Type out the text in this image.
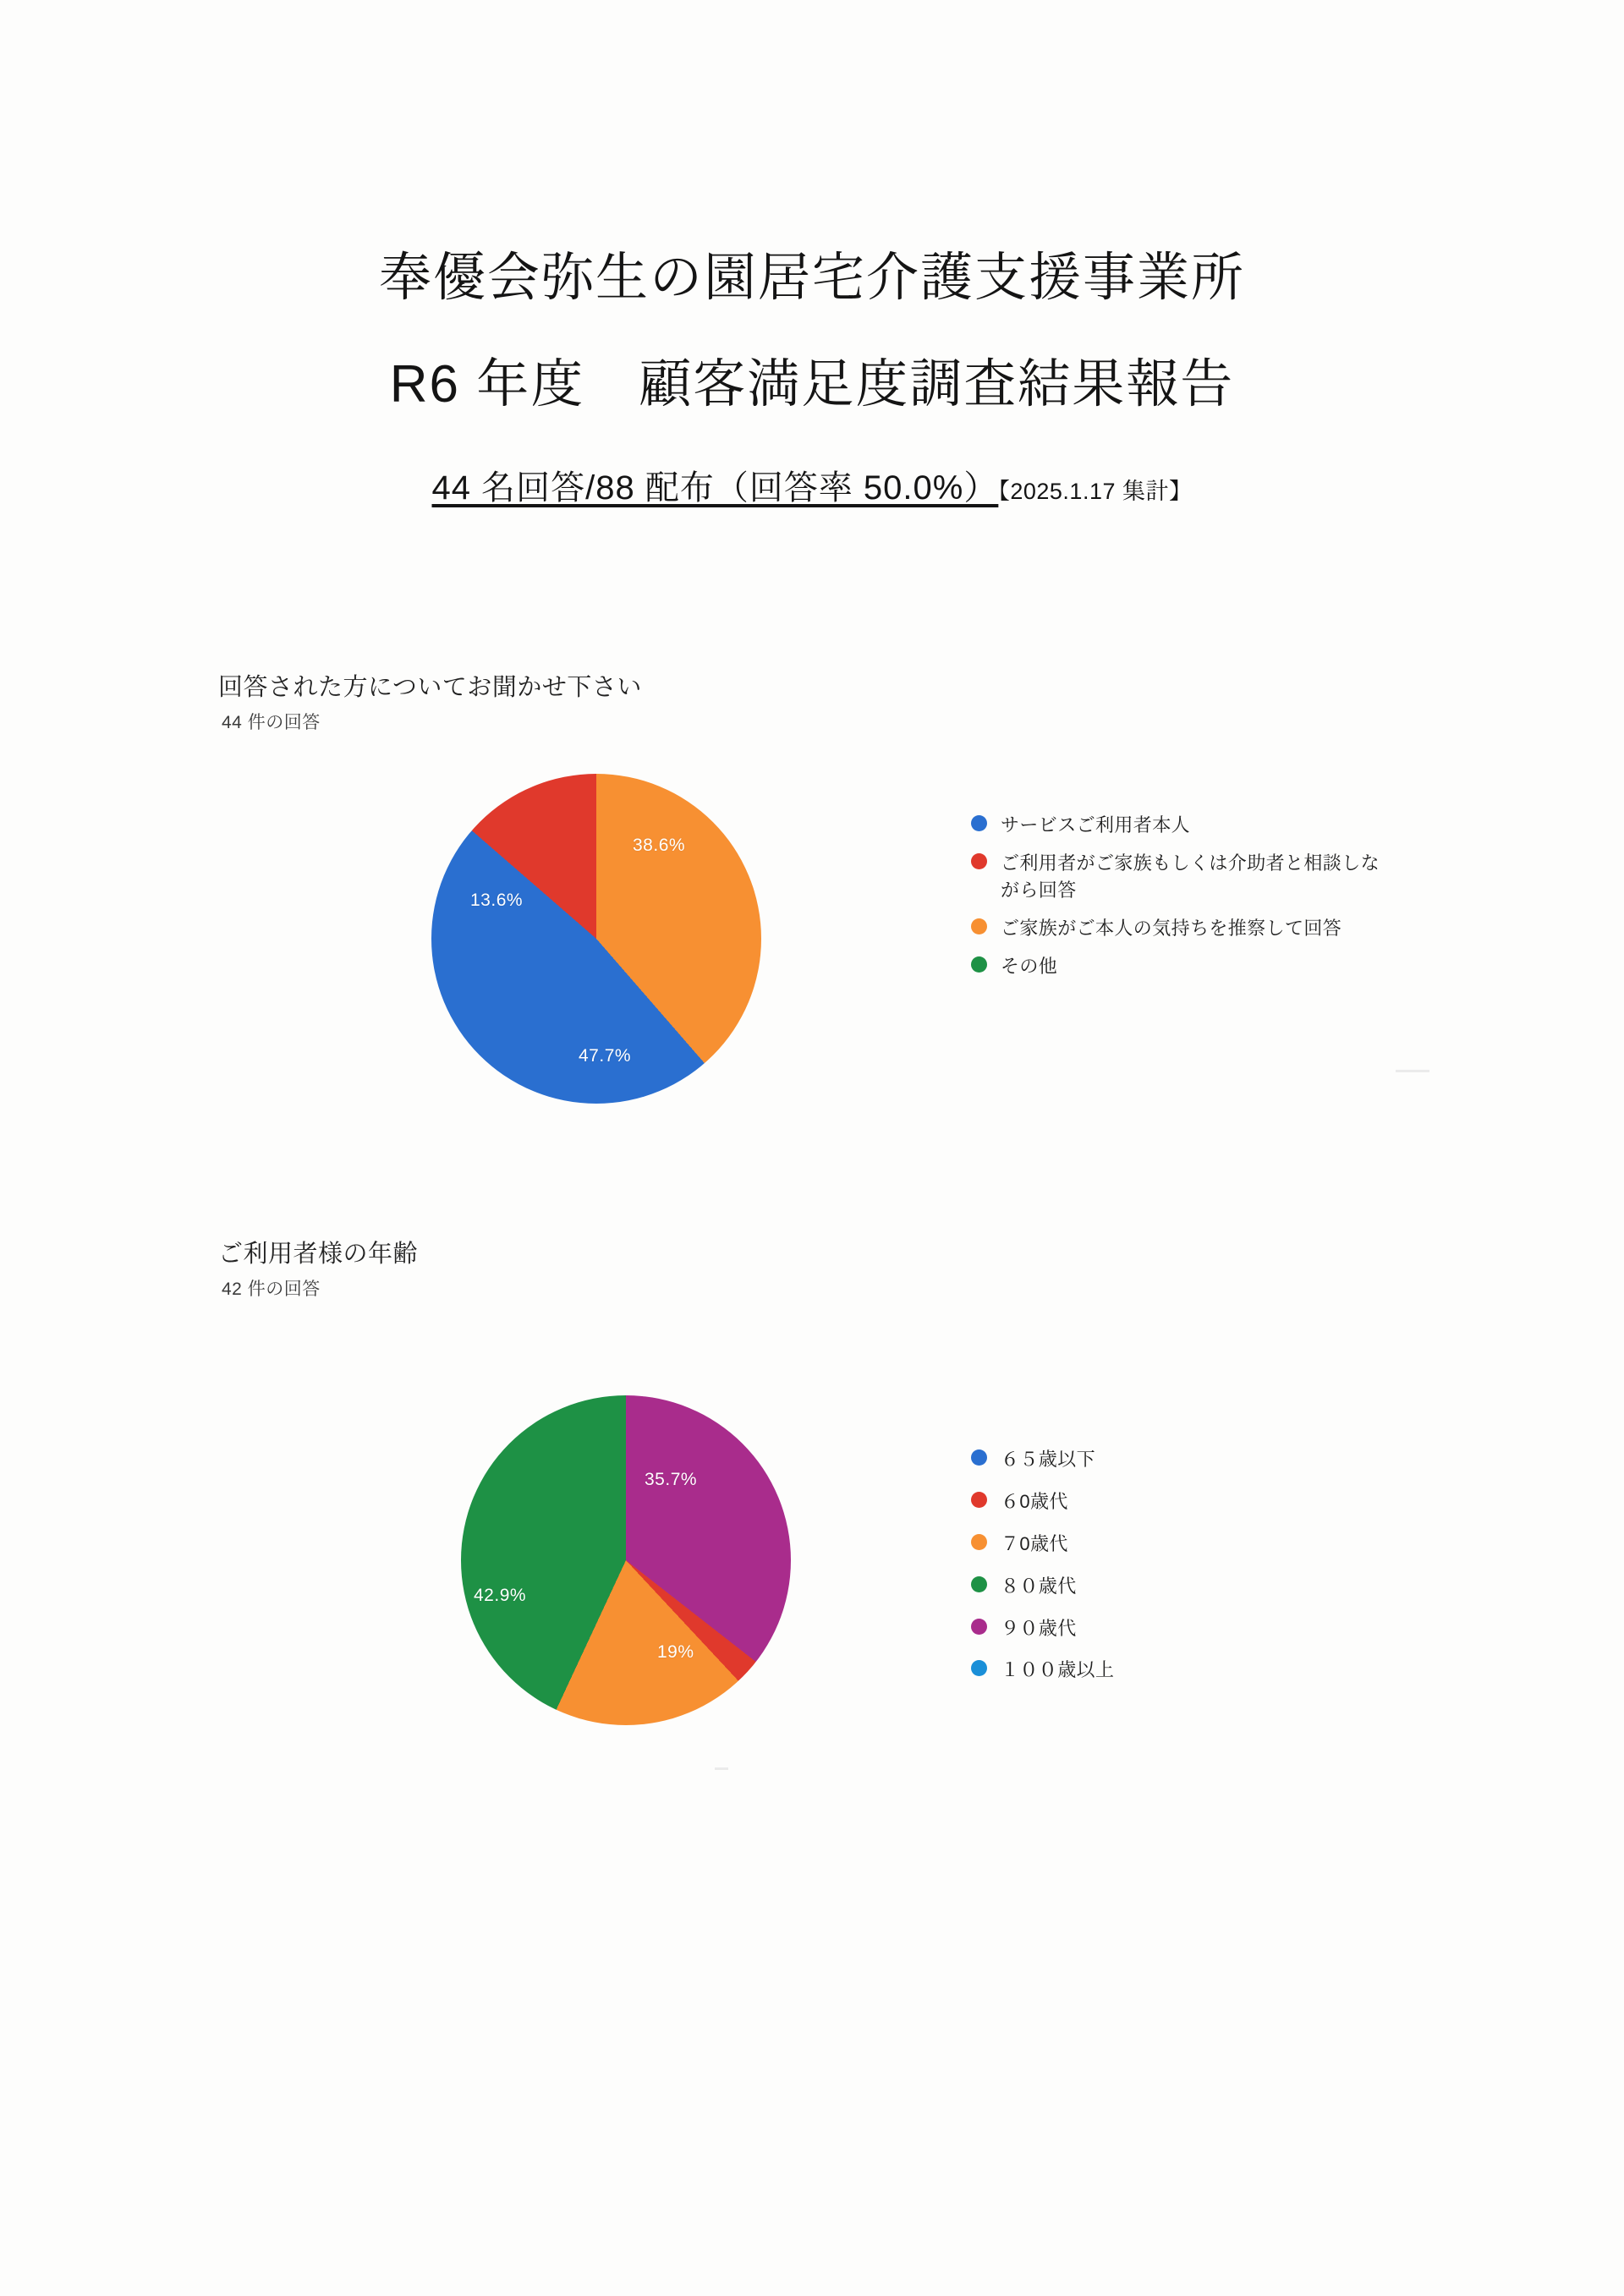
奉優会弥生の園居宅介護支援事業所
R6 年度　顧客満足度調査結果報告
44 名回答/88 配布（回答率 50.0%）【2025.1.17 集計】
回答された方についてお聞かせ下さい
44 件の回答
38.6%
13.6%
47.7%
サービスご利用者本人
ご利用者がご家族もしくは介助者と相談しながら回答
ご家族がご本人の気持ちを推察して回答
その他
ご利用者様の年齢
42 件の回答
35.7%
42.9%
19%
６５歳以下
６0歳代
７0歳代
８０歳代
９０歳代
１００歳以上
